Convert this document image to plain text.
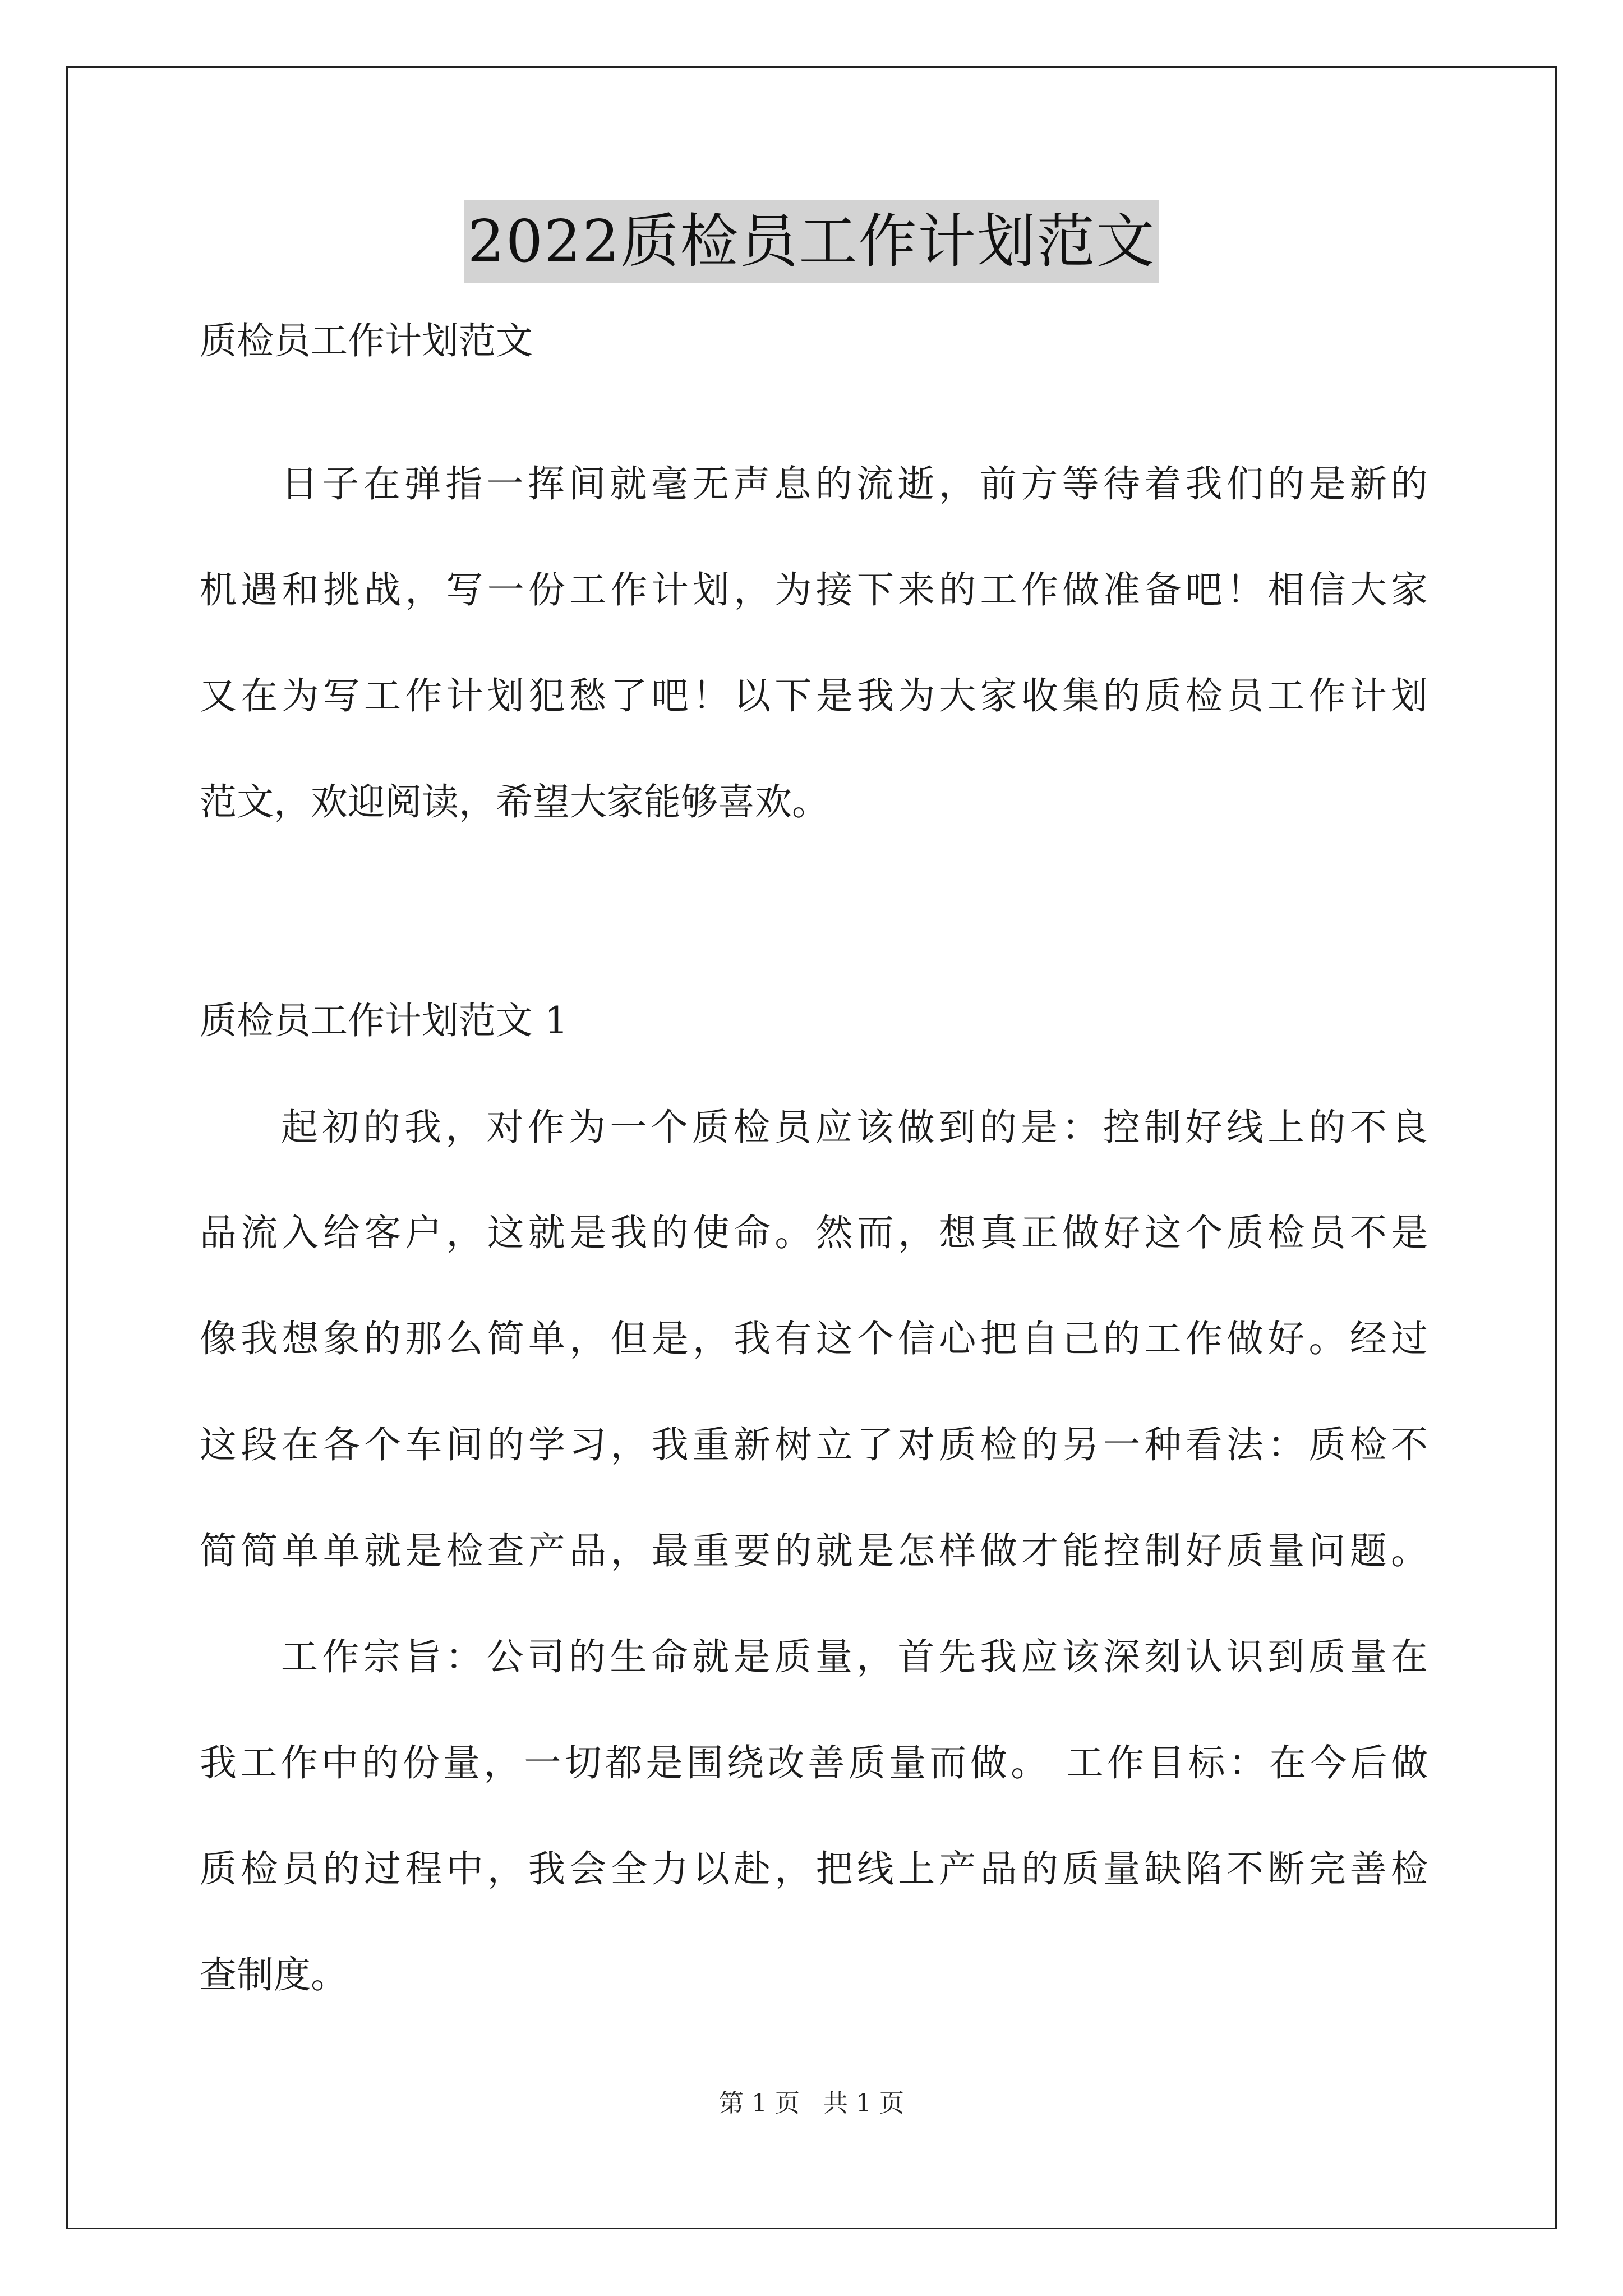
2022质检员工作计划范文
质检员工作计划范文
日子在弹指一挥间就毫无声息的流逝，前方等待着我们的是新的
机遇和挑战，写一份工作计划，为接下来的工作做准备吧！相信大家
又在为写工作计划犯愁了吧！以下是我为大家收集的质检员工作计划
范文，欢迎阅读，希望大家能够喜欢。
质检员工作计划范文 1
起初的我，对作为一个质检员应该做到的是：控制好线上的不良
品流入给客户，这就是我的使命。然而，想真正做好这个质检员不是
像我想象的那么简单，但是，我有这个信心把自己的工作做好。经过
这段在各个车间的学习，我重新树立了对质检的另一种看法：质检不
简简单单就是检查产品，最重要的就是怎样做才能控制好质量问题。
工作宗旨：公司的生命就是质量，首先我应该深刻认识到质量在
我工作中的份量，一切都是围绕改善质量而做。 工作目标：在今后做
质检员的过程中，我会全力以赴，把线上产品的质量缺陷不断完善检
查制度。
第 1 页   共 1 页
